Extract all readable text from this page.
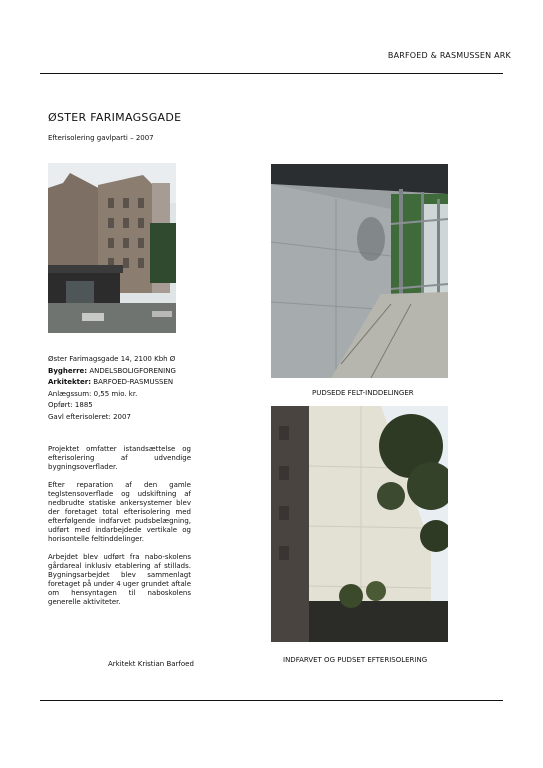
BARFOED & RASMUSSEN ARK
ØSTER FARIMAGSGADE
Efterisolering gavlparti – 2007
Øster Farimagsgade 14, 2100 Kbh Ø
Bygherre: ANDELSBOLIGFORENING
Arkitekter: BARFOED-RASMUSSEN
Anlægssum: 0,55 mio. kr.
Opført: 1885
Gavl efterisoleret: 2007

Projektet omfatter istandsættelse og efterisolering af udvendige bygningsoverflader.

Efter reparation af den gamle teglstensoverflade og udskiftning af nedbrudte statiske ankersystemer blev der foretaget total efterisolering med efterfølgende indfarvet pudsbelægning, udført med indarbejdede vertikale og horisontelle feltinddelinger.

Arbejdet blev udført fra nabo-skolens gårdareal inklusiv etablering af stillads. Bygningsarbejdet blev sammenlagt foretaget på under 4 uger grundet aftale om hensyntagen til naboskolens generelle aktiviteter.

Arkitekt Kristian Barfoed
PUDSEDE FELT-INDDELINGER
INDFARVET OG PUDSET EFTERISOLERING
